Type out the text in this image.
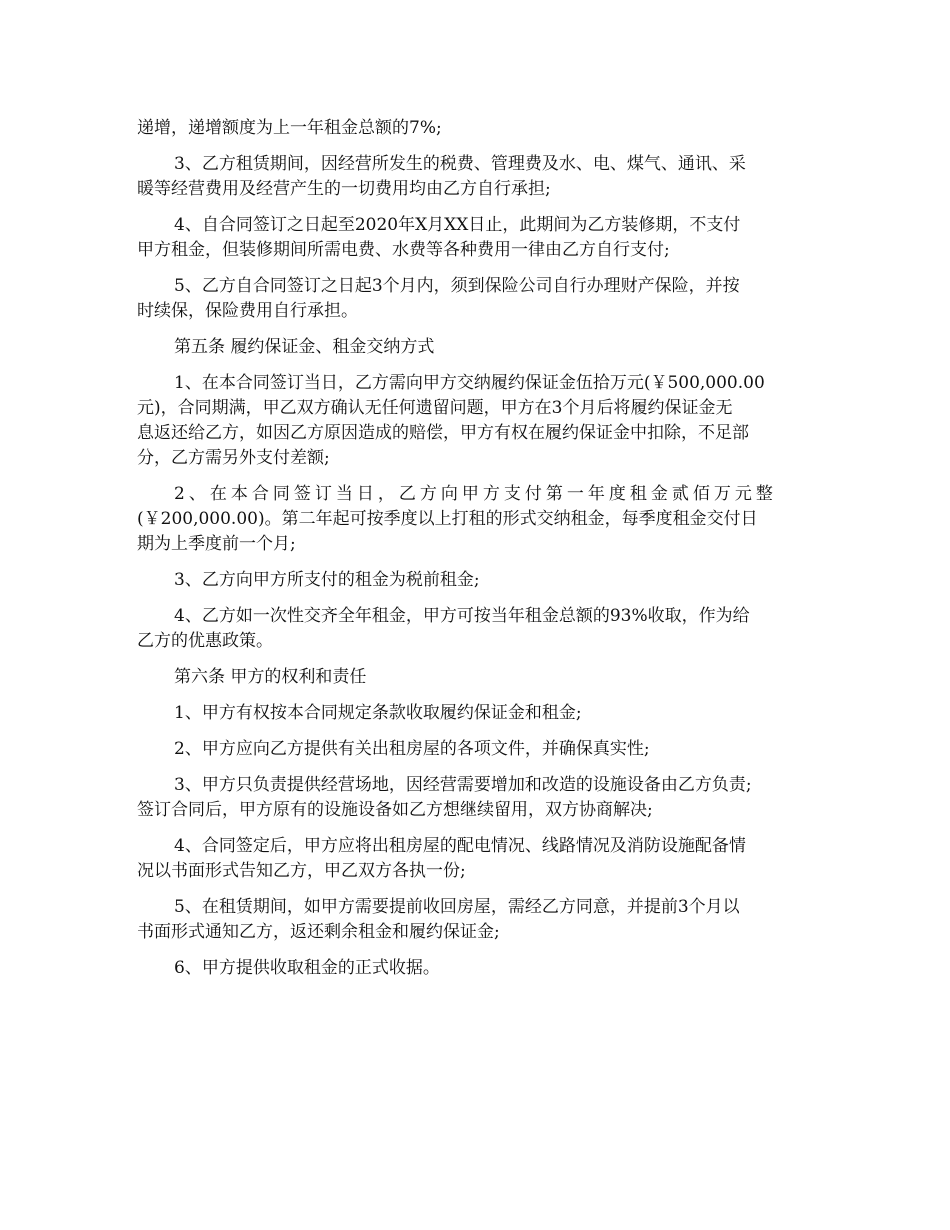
递增，递增额度为上一年租金总额的7%;
3、乙方租赁期间，因经营所发生的税费、管理费及水、电、煤气、通讯、采
暖等经营费用及经营产生的一切费用均由乙方自行承担;
4、自合同签订之日起至2020年X月XX日止，此期间为乙方装修期，不支付
甲方租金，但装修期间所需电费、水费等各种费用一律由乙方自行支付;
5、乙方自合同签订之日起3个月内，须到保险公司自行办理财产保险，并按
时续保，保险费用自行承担。
第五条 履约保证金、租金交纳方式
1、在本合同签订当日，乙方需向甲方交纳履约保证金伍拾万元(￥500,000.00
元)，合同期满，甲乙双方确认无任何遗留问题，甲方在3个月后将履约保证金无
息返还给乙方，如因乙方原因造成的赔偿，甲方有权在履约保证金中扣除，不足部
分，乙方需另外支付差额;
2、在本合同签订当日，乙方向甲方支付第一年度租金贰佰万元整
(￥200,000.00)。第二年起可按季度以上打租的形式交纳租金，每季度租金交付日
期为上季度前一个月;
3、乙方向甲方所支付的租金为税前租金;
4、乙方如一次性交齐全年租金，甲方可按当年租金总额的93%收取，作为给
乙方的优惠政策。
第六条 甲方的权利和责任
1、甲方有权按本合同规定条款收取履约保证金和租金;
2、甲方应向乙方提供有关出租房屋的各项文件，并确保真实性;
3、甲方只负责提供经营场地，因经营需要增加和改造的设施设备由乙方负责;
签订合同后，甲方原有的设施设备如乙方想继续留用，双方协商解决;
4、合同签定后，甲方应将出租房屋的配电情况、线路情况及消防设施配备情
况以书面形式告知乙方，甲乙双方各执一份;
5、在租赁期间，如甲方需要提前收回房屋，需经乙方同意，并提前3个月以
书面形式通知乙方，返还剩余租金和履约保证金;
6、甲方提供收取租金的正式收据。
